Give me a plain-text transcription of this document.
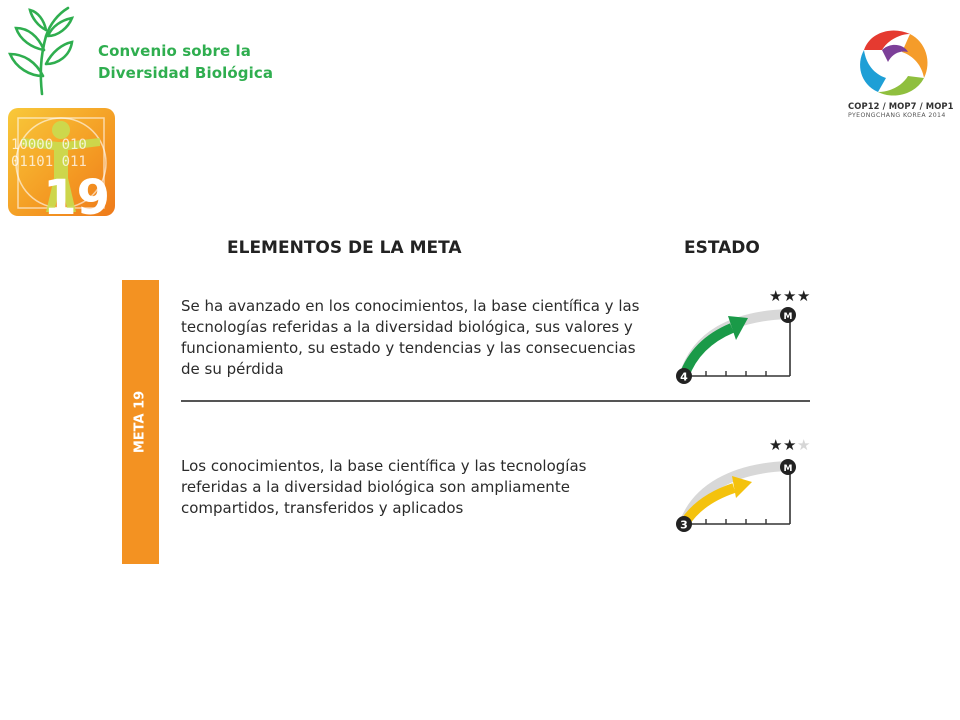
Convenio sobre la
Diversidad Biológica
10000 010
01101 011
19
COP12 / MOP7 / MOP1
PYEONGCHANG KOREA 2014
ELEMENTOS DE LA META	ESTADO
META 19
Se ha avanzado en los conocimientos, la base científica y las
tecnologías referidas a la diversidad biológica, sus valores y
funcionamiento, su estado y tendencias y las consecuencias
de su pérdida
Los conocimientos, la base científica y las tecnologías
referidas a la diversidad biológica son ampliamente
compartidos, transferidos y aplicados
★ ★ ★
4
M
★ ★ ★
3
M
